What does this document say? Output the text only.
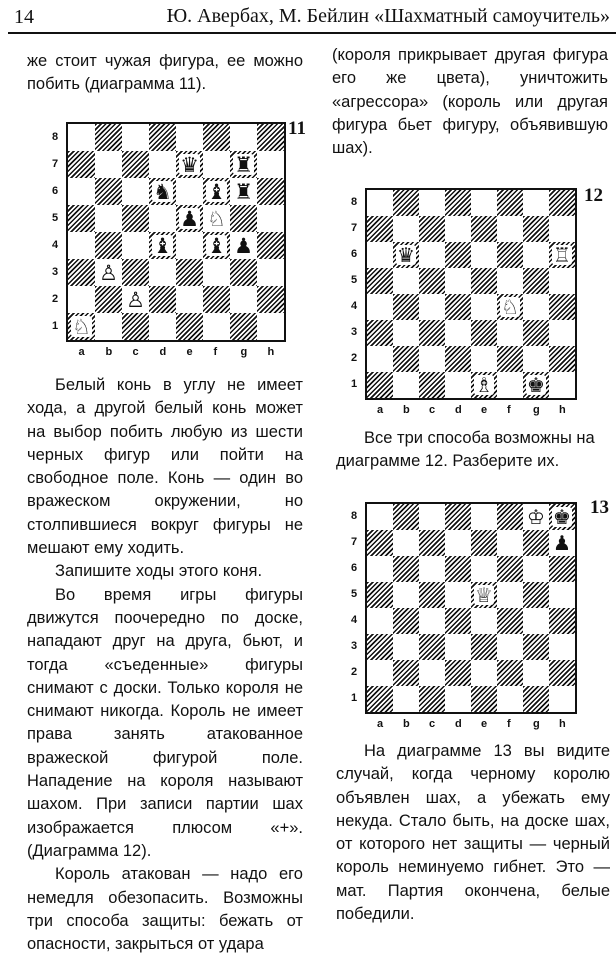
14	Ю. Авербах, М. Бейлин «Шахматный самоучитель»

же стоит чужая фигура, ее можно побить (диаграмма 11).

11
♛ ♜
♞ ♝ ♜
♟ ♘
♝ ♝ ♟
♙
♙
♘

Белый конь в углу не имеет хода, а другой белый конь может на выбор побить любую из шести черных фигур или пойти на свободное поле. Конь — один во вражеском окружении, но столпившиеся вокруг фигуры не мешают ему ходить.

Запишите ходы этого коня.

Во время игры фигуры движутся поочередно по доске, нападают друг на друга, бьют, и тогда «съеденные» фигуры снимают с доски. Только короля не снимают никогда. Король не имеет права занять атакованное вражеской фигурой поле. Нападение на короля называют шахом. При записи партии шах изображается плюсом «+». (Диаграмма 12).

Король атакован — надо его немедля обезопасить. Возможны три способа защиты: бежать от опасности, закрыться от удара

(короля прикрывает другая фигура его же цвета), уничтожить «агрессора» (король или другая фигура бьет фигуру, объявившую шах).

12
♛	♖
♘
♗ ♚

Все три способа возможны на диаграмме 12. Разберите их.

13
♔ ♚
♟
♕

На диаграмме 13 вы видите случай, когда черному королю объявлен шах, а убежать ему некуда. Стало быть, на доске шах, от которого нет защиты — черный король неминуемо гибнет. Это — мат. Партия окончена, белые победили.

8
7
6
5
4
3
2
1
a b c d e f g h
8
7
6
5
4
3
2
1
a b c d e f g h
8
7
6
5
4
3
2
1
a b c d e f g h
